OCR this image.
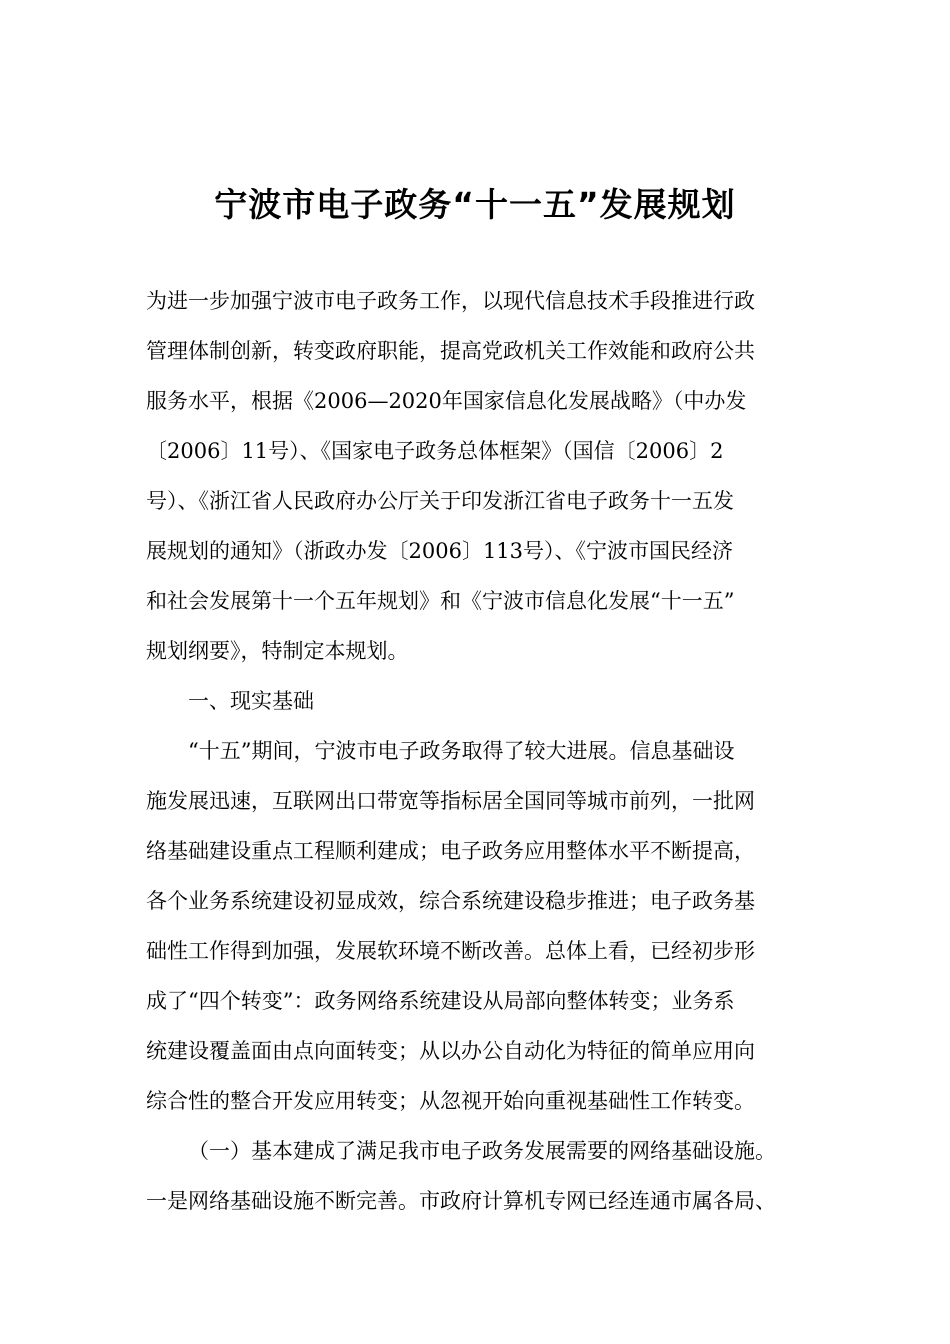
宁波市电子政务“十一五”发展规划

为进一步加强宁波市电子政务工作，以现代信息技术手段推进行政

管理体制创新，转变政府职能，提高党政机关工作效能和政府公共

服务水平，根据《2006—2020年国家信息化发展战略》（中办发

〔2006〕11号）、《国家电子政务总体框架》（国信〔2006〕2

号）、《浙江省人民政府办公厅关于印发浙江省电子政务十一五发

展规划的通知》（浙政办发〔2006〕113号）、《宁波市国民经济

和社会发展第十一个五年规划》和《宁波市信息化发展“十一五”

规划纲要》，特制定本规划。

一、现实基础

“十五”期间，宁波市电子政务取得了较大进展。信息基础设

施发展迅速，互联网出口带宽等指标居全国同等城市前列，一批网

络基础建设重点工程顺利建成；电子政务应用整体水平不断提高，

各个业务系统建设初显成效，综合系统建设稳步推进；电子政务基

础性工作得到加强，发展软环境不断改善。总体上看，已经初步形

成了“四个转变”：政务网络系统建设从局部向整体转变；业务系

统建设覆盖面由点向面转变；从以办公自动化为特征的简单应用向

综合性的整合开发应用转变；从忽视开始向重视基础性工作转变。

（一）基本建成了满足我市电子政务发展需要的网络基础设施。

一是网络基础设施不断完善。市政府计算机专网已经连通市属各局、
